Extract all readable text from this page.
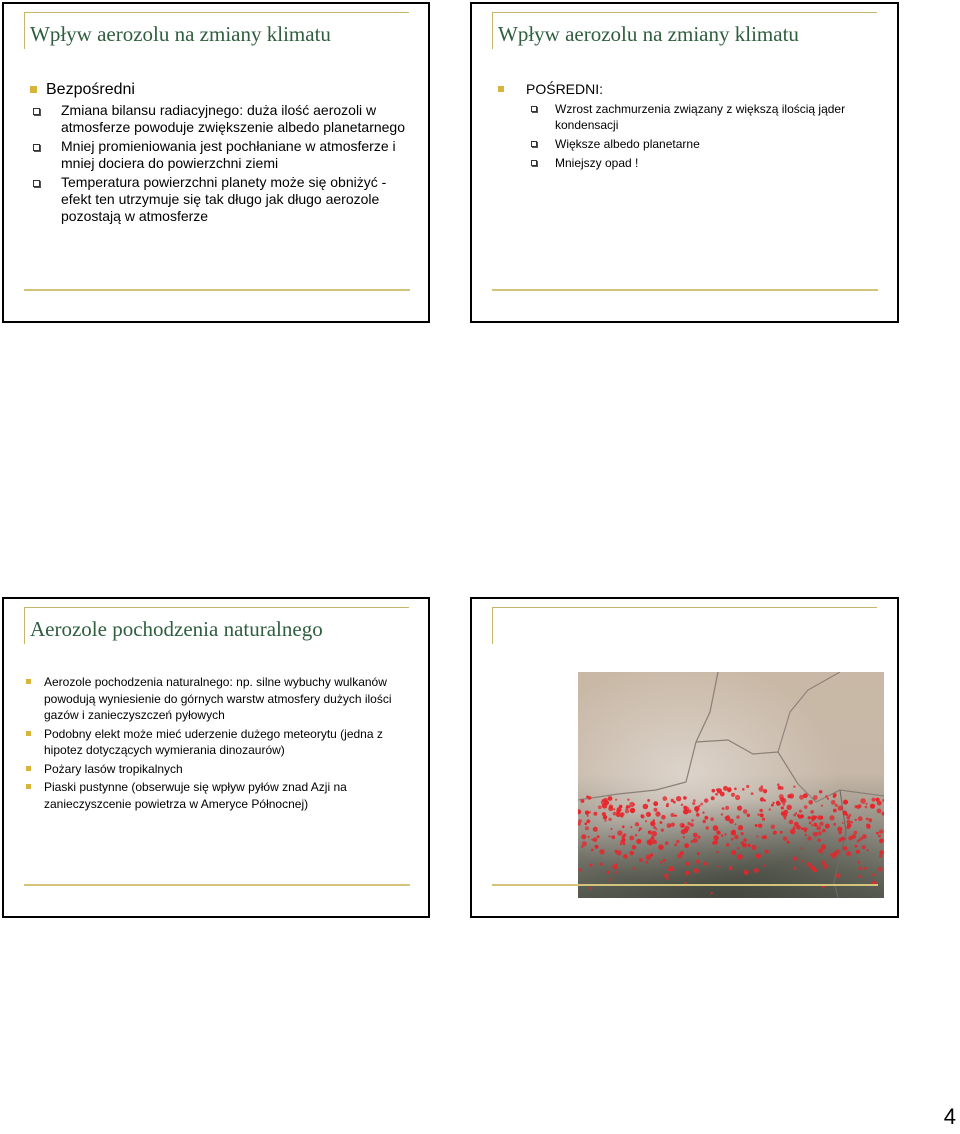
Wpływ aerozolu na zmiany klimatu
Bezpośredni
Zmiana bilansu radiacyjnego: duża ilość aerozoli w atmosferze powoduje zwiększenie albedo planetarnego
Mniej promieniowania jest pochłaniane w atmosferze i mniej dociera do powierzchni ziemi
Temperatura powierzchni planety może się obniżyć - efekt ten utrzymuje się tak długo jak długo aerozole pozostają w atmosferze
Wpływ aerozolu na zmiany klimatu
POŚREDNI:
Wzrost zachmurzenia związany z większą ilością jąder kondensacji
Większe albedo planetarne
Mniejszy opad !
Aerozole pochodzenia naturalnego
Aerozole pochodzenia naturalnego: np. silne wybuchy wulkanów powodują wyniesienie do górnych warstw atmosfery dużych ilości gazów i zanieczyszczeń pyłowych
Podobny elekt może mieć uderzenie dużego meteorytu (jedna z hipotez dotyczących wymierania dinozaurów)
Pożary lasów tropikalnych
Piaski pustynne (obserwuje się wpływ pyłów znad Azji na zanieczyszcenie powietrza w Ameryce Północnej)
4
